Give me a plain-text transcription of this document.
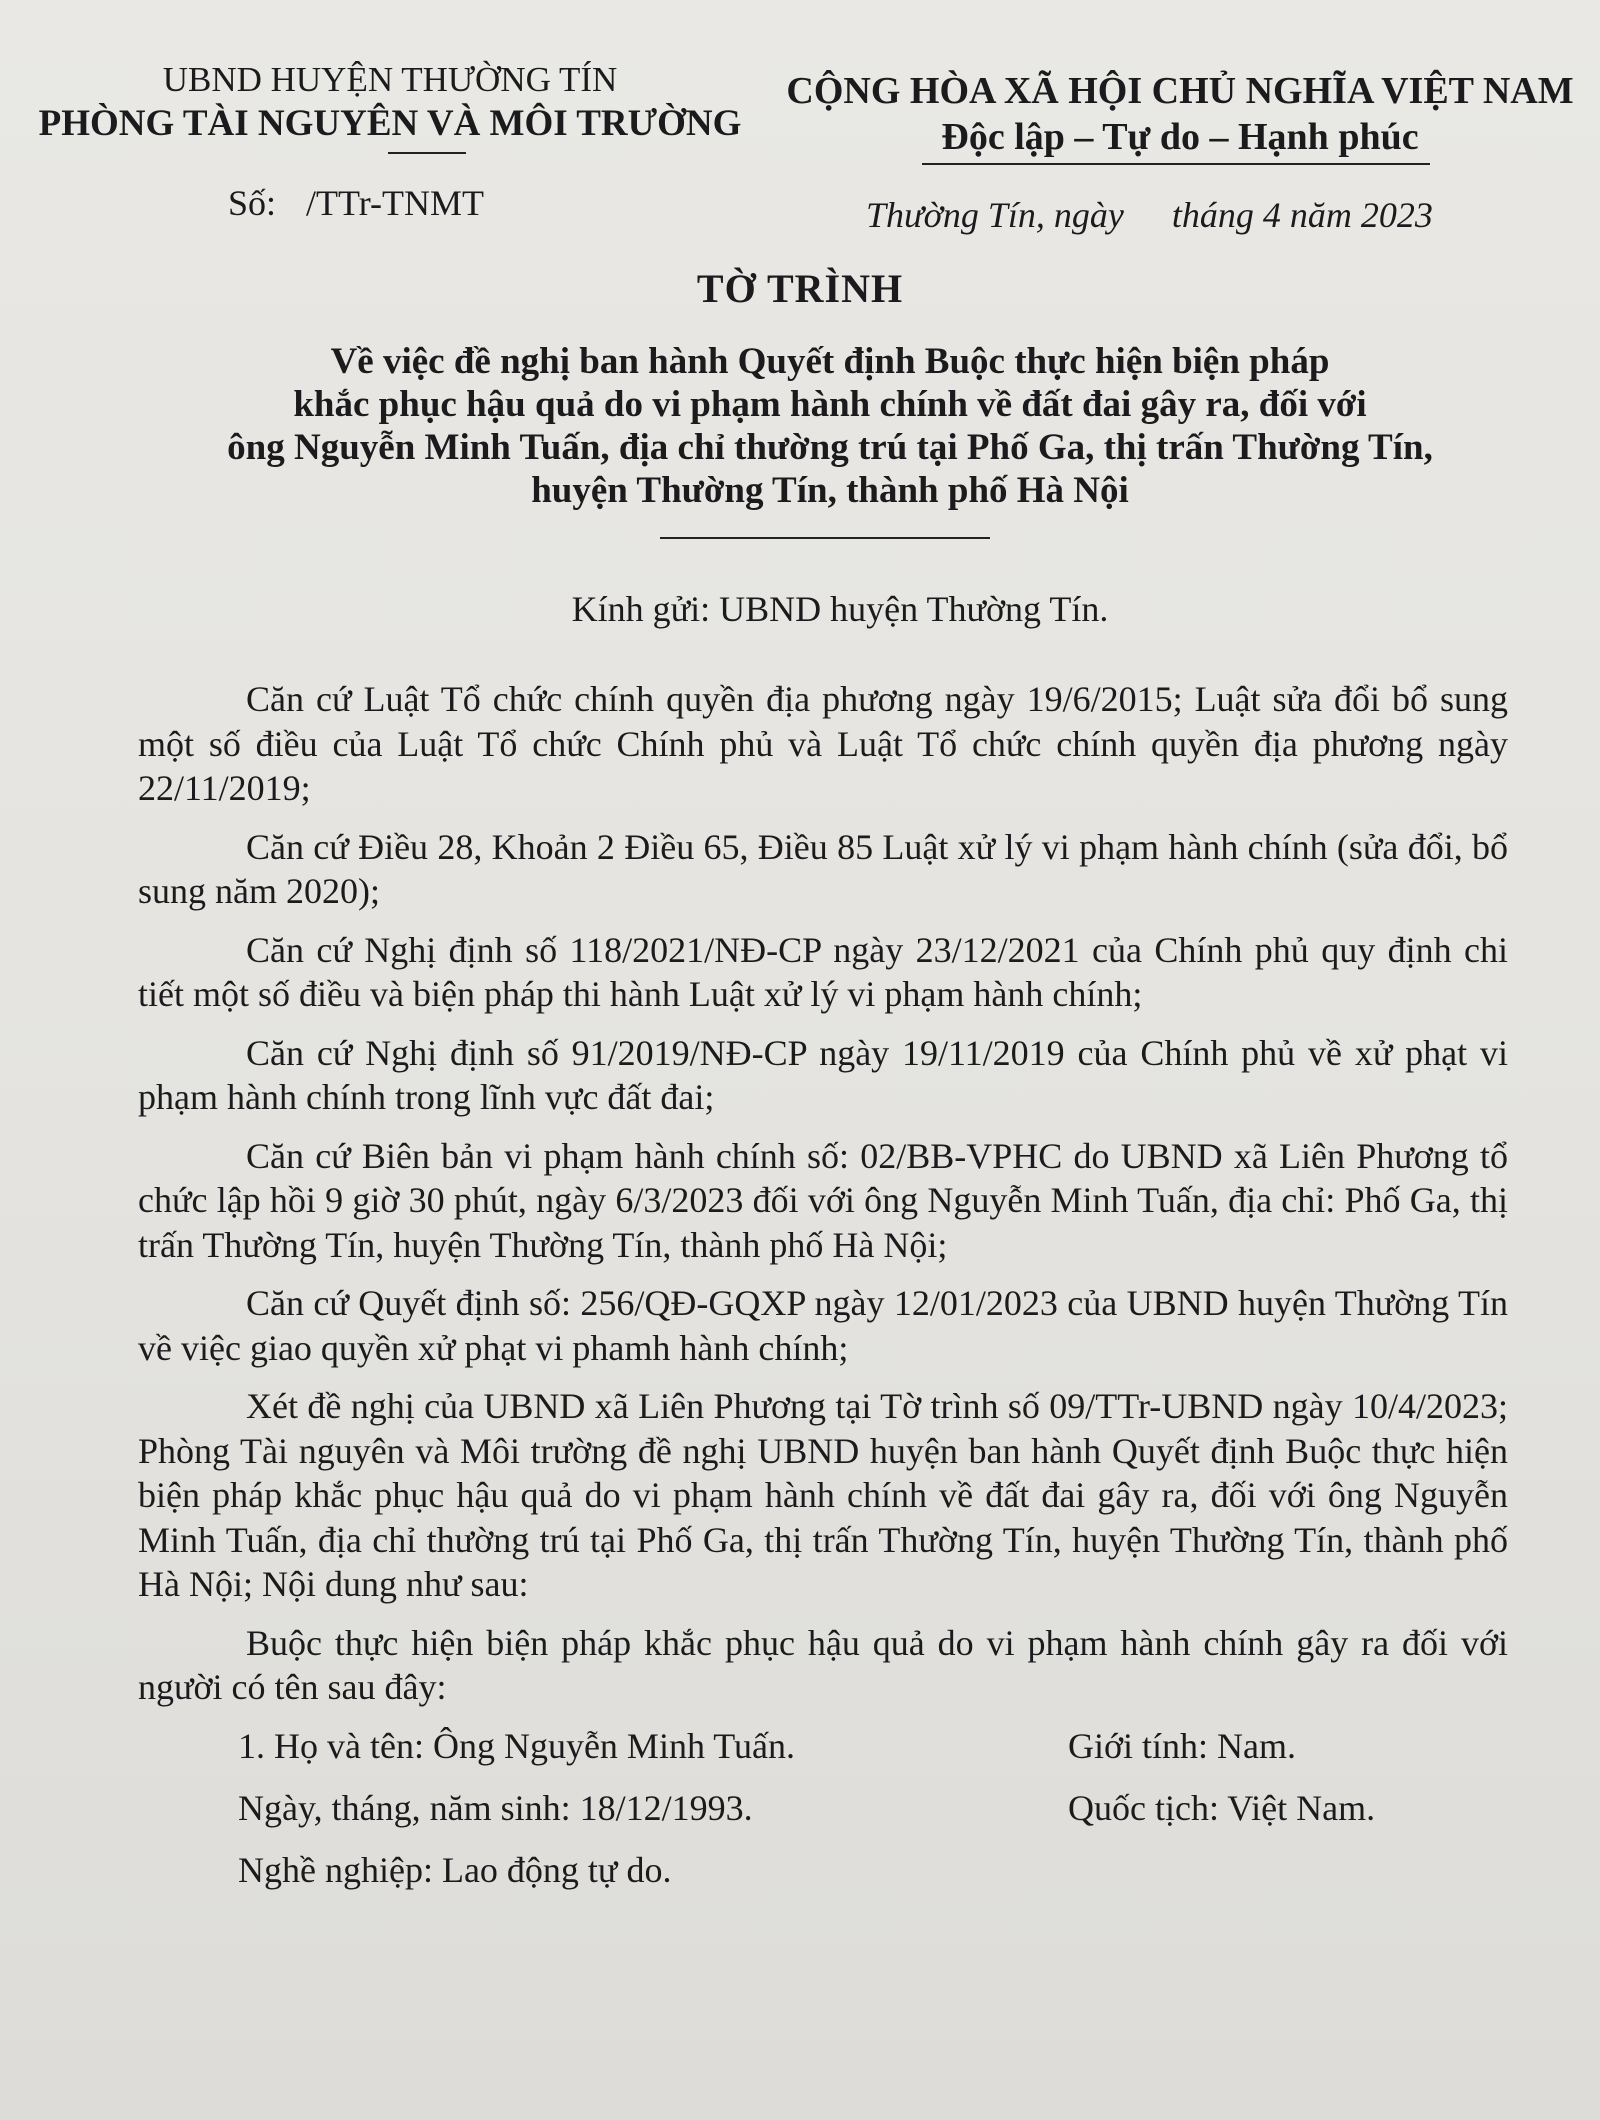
UBND HUYỆN THƯỜNG TÍN
PHÒNG TÀI NGUYÊN VÀ MÔI TRƯỜNG
CỘNG HÒA XÃ HỘI CHỦ NGHĨA VIỆT NAM
Độc lập – Tự do – Hạnh phúc
Số: /TTr-TNMT	Thường Tín, ngày tháng 4 năm 2023
TỜ TRÌNH
Về việc đề nghị ban hành Quyết định Buộc thực hiện biện pháp
khắc phục hậu quả do vi phạm hành chính về đất đai gây ra, đối với
ông Nguyễn Minh Tuấn, địa chỉ thường trú tại Phố Ga, thị trấn Thường Tín,
huyện Thường Tín, thành phố Hà Nội
Kính gửi: UBND huyện Thường Tín.

Căn cứ Luật Tổ chức chính quyền địa phương ngày 19/6/2015; Luật sửa đổi bổ sung một số điều của Luật Tổ chức Chính phủ và Luật Tổ chức chính quyền địa phương ngày 22/11/2019;

Căn cứ Điều 28, Khoản 2 Điều 65, Điều 85 Luật xử lý vi phạm hành chính (sửa đổi, bổ sung năm 2020);

Căn cứ Nghị định số 118/2021/NĐ-CP ngày 23/12/2021 của Chính phủ quy định chi tiết một số điều và biện pháp thi hành Luật xử lý vi phạm hành chính;

Căn cứ Nghị định số 91/2019/NĐ-CP ngày 19/11/2019 của Chính phủ về xử phạt vi phạm hành chính trong lĩnh vực đất đai;

Căn cứ Biên bản vi phạm hành chính số: 02/BB-VPHC do UBND xã Liên Phương tổ chức lập hồi 9 giờ 30 phút, ngày 6/3/2023 đối với ông Nguyễn Minh Tuấn, địa chỉ: Phố Ga, thị trấn Thường Tín, huyện Thường Tín, thành phố Hà Nội;

Căn cứ Quyết định số: 256/QĐ-GQXP ngày 12/01/2023 của UBND huyện Thường Tín về việc giao quyền xử phạt vi phamh hành chính;

Xét đề nghị của UBND xã Liên Phương tại Tờ trình số 09/TTr-UBND ngày 10/4/2023; Phòng Tài nguyên và Môi trường đề nghị UBND huyện ban hành Quyết định Buộc thực hiện biện pháp khắc phục hậu quả do vi phạm hành chính về đất đai gây ra, đối với ông Nguyễn Minh Tuấn, địa chỉ thường trú tại Phố Ga, thị trấn Thường Tín, huyện Thường Tín, thành phố Hà Nội; Nội dung như sau:

Buộc thực hiện biện pháp khắc phục hậu quả do vi phạm hành chính gây ra đối với người có tên sau đây:

1. Họ và tên: Ông Nguyễn Minh Tuấn.	Giới tính: Nam.
Ngày, tháng, năm sinh: 18/12/1993.	Quốc tịch: Việt Nam.
Nghề nghiệp: Lao động tự do.
